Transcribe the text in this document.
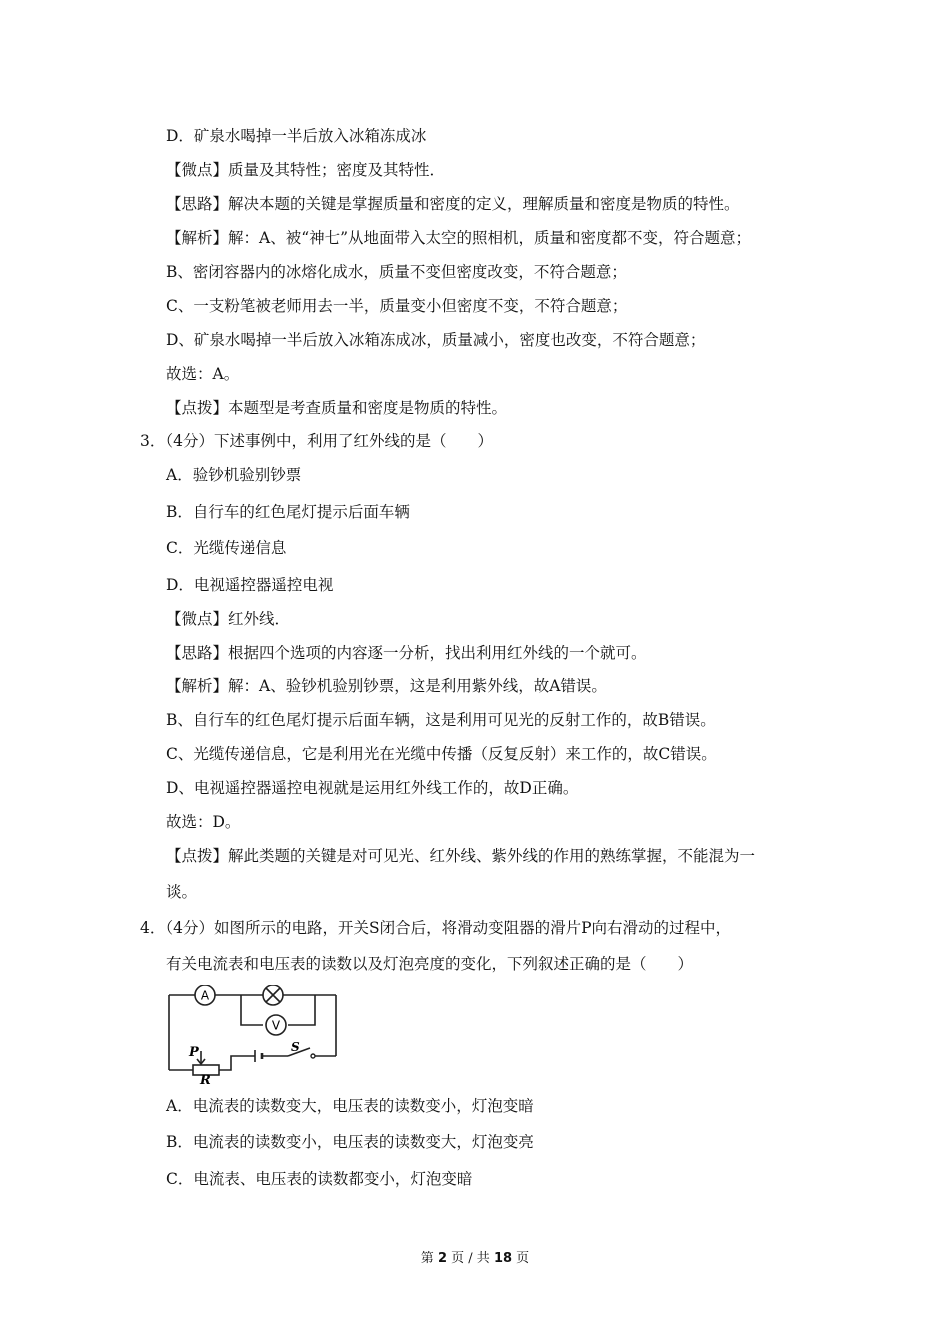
D．矿泉水喝掉一半后放入冰箱冻成冰
【微点】质量及其特性；密度及其特性．
【思路】解决本题的关键是掌握质量和密度的定义，理解质量和密度是物质的特性。
【解析】解：A、被“神七”从地面带入太空的照相机，质量和密度都不变，符合题意；
B、密闭容器内的冰熔化成水，质量不变但密度改变，不符合题意；
C、一支粉笔被老师用去一半，质量变小但密度不变，不符合题意；
D、矿泉水喝掉一半后放入冰箱冻成冰，质量减小，密度也改变，不符合题意；
故选：A。
【点拨】本题型是考查质量和密度是物质的特性。
3．（4分）下述事例中，利用了红外线的是（　　）
A．验钞机验别钞票
B．自行车的红色尾灯提示后面车辆
C．光缆传递信息
D．电视遥控器遥控电视
【微点】红外线．
【思路】根据四个选项的内容逐一分析，找出利用红外线的一个就可。
【解析】解：A、验钞机验别钞票，这是利用紫外线，故A错误。
B、自行车的红色尾灯提示后面车辆，这是利用可见光的反射工作的，故B错误。
C、光缆传递信息，它是利用光在光缆中传播（反复反射）来工作的，故C错误。
D、电视遥控器遥控电视就是运用红外线工作的，故D正确。
故选：D。
【点拨】解此类题的关键是对可见光、红外线、紫外线的作用的熟练掌握，不能混为一
谈。
4．（4分）如图所示的电路，开关S闭合后，将滑动变阻器的滑片P向右滑动的过程中，
有关电流表和电压表的读数以及灯泡亮度的变化，下列叙述正确的是（　　）
A
V
P
R
S
A．电流表的读数变大，电压表的读数变小，灯泡变暗
B．电流表的读数变小，电压表的读数变大，灯泡变亮
C．电流表、电压表的读数都变小，灯泡变暗
第 2 页 / 共 18 页
